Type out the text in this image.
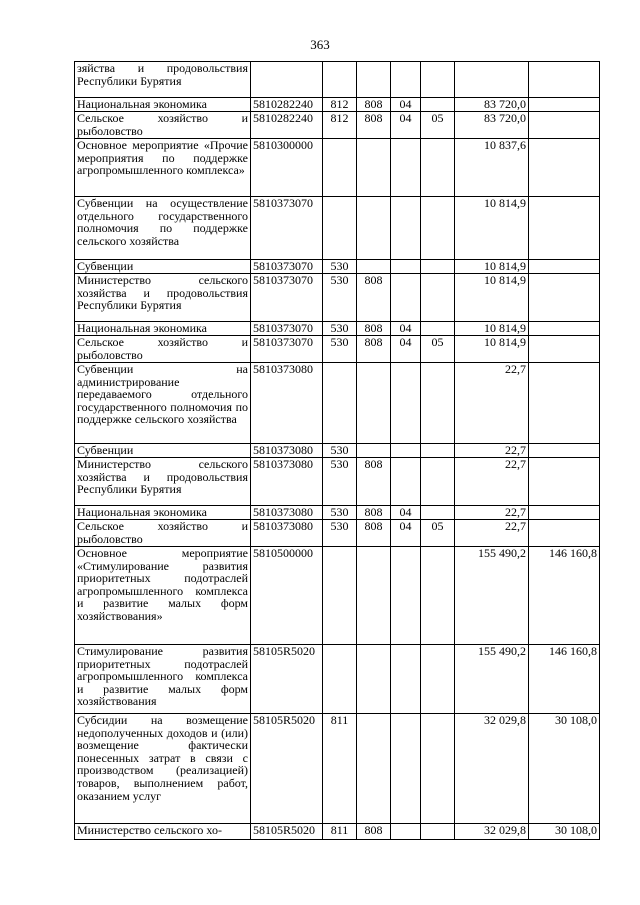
363
зяйства и продовольствия Республики Бурятия							
Национальная экономика	5810282240	812	808	04		83 720,0	
Сельское хозяйство и рыболовство	5810282240	812	808	04	05	83 720,0	
Основное мероприятие «Прочие мероприятия по поддержке агропромышленного комплекса»	5810300000					10 837,6	
Субвенции на осуществление отдельного государственного полномочия по поддержке сельского хозяйства	5810373070					10 814,9	
Субвенции	5810373070	530				10 814,9	
Министерство сельского хозяйства и продовольствия Республики Бурятия	5810373070	530	808			10 814,9	
Национальная экономика	5810373070	530	808	04		10 814,9	
Сельское хозяйство и рыболовство	5810373070	530	808	04	05	10 814,9	
Субвенции на администрирование передаваемого отдельного государственного полномочия по поддержке сельского хозяйства	5810373080					22,7	
Субвенции	5810373080	530				22,7	
Министерство сельского хозяйства и продовольствия Республики Бурятия	5810373080	530	808			22,7	
Национальная экономика	5810373080	530	808	04		22,7	
Сельское хозяйство и рыболовство	5810373080	530	808	04	05	22,7	
Основное мероприятие «Стимулирование развития приоритетных подотраслей агропромышленного комплекса и развитие малых форм хозяйствования»	5810500000					155 490,2	146 160,8
Стимулирование развития приоритетных подотраслей агропромышленного комплекса и развитие малых форм хозяйствования	58105R5020					155 490,2	146 160,8
Субсидии на возмещение недополученных доходов и (или) возмещение фактически понесенных затрат в связи с производством (реализацией) товаров, выполнением работ, оказанием услуг	58105R5020	811				32 029,8	30 108,0
Министерство сельского хо-	58105R5020	811	808			32 029,8	30 108,0
